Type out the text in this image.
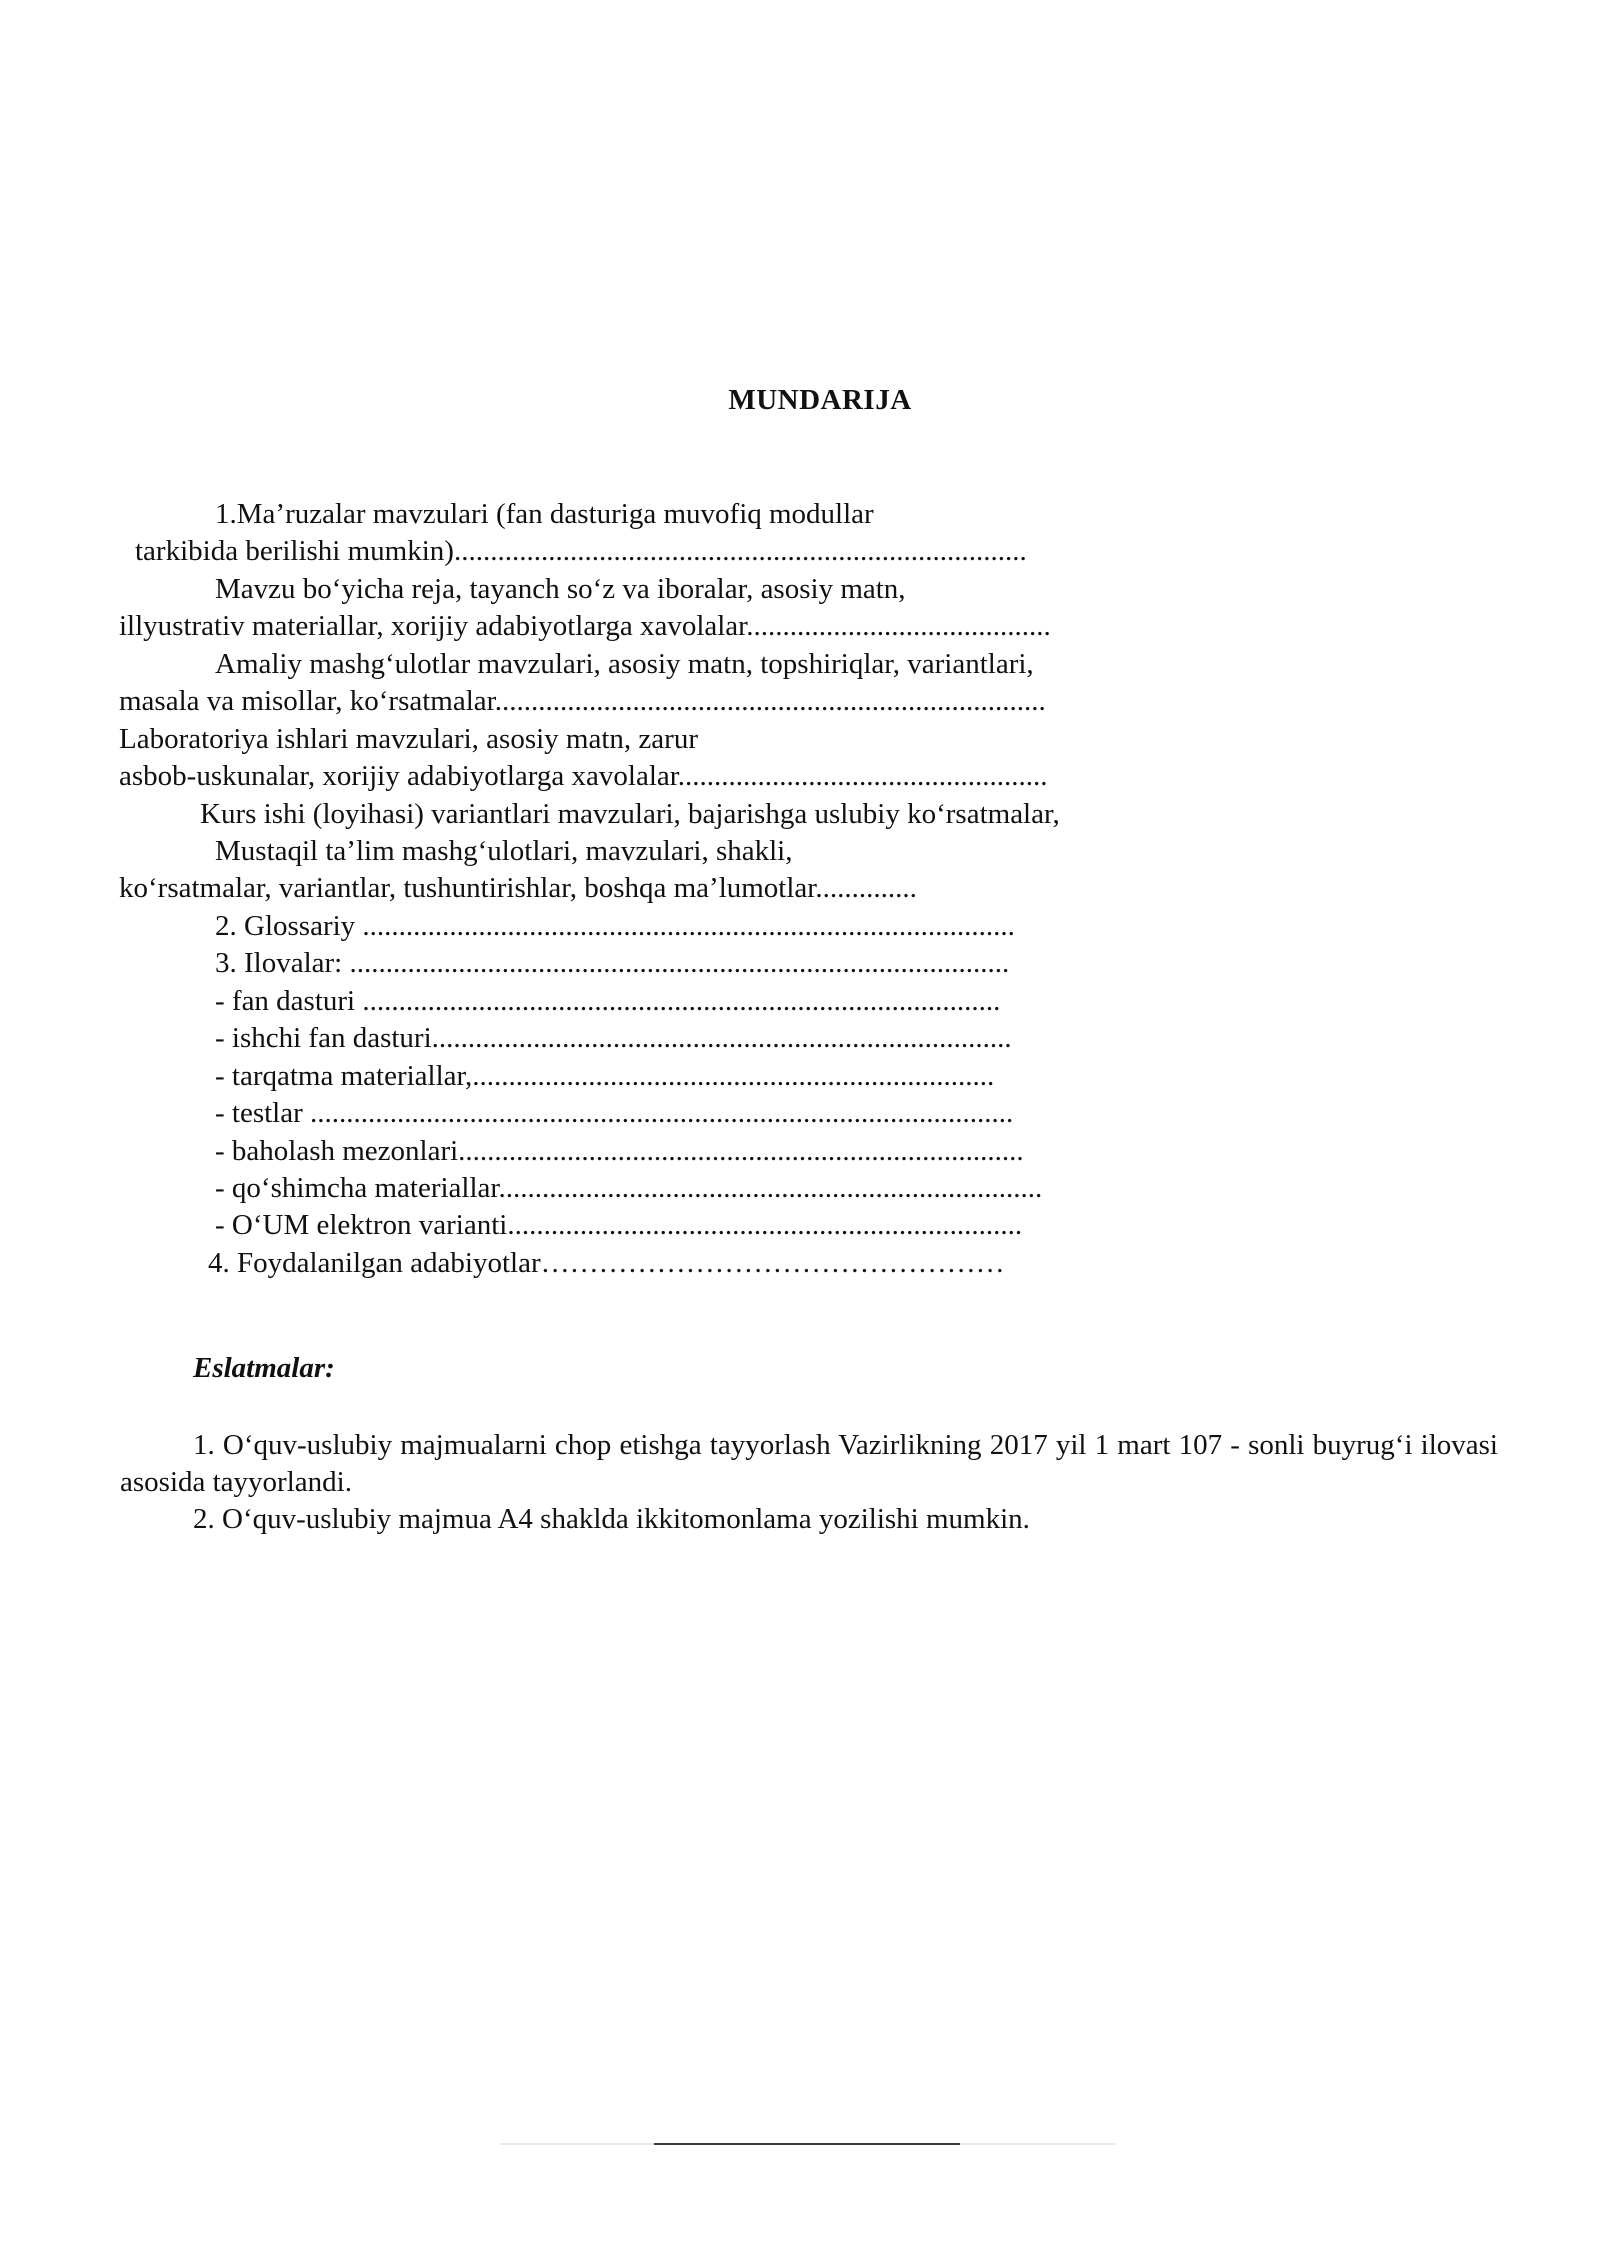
MUNDARIJA
1.Ma’ruzalar mavzulari (fan dasturiga muvofiq modullar
tarkibida berilishi mumkin)...............................................................................
Mavzu bo‘yicha reja, tayanch so‘z va iboralar, asosiy matn,
illyustrativ materiallar, xorijiy adabiyotlarga xavolalar..........................................
Amaliy mashg‘ulotlar mavzulari, asosiy matn, topshiriqlar, variantlari,
masala va misollar, ko‘rsatmalar............................................................................
Laboratoriya ishlari mavzulari, asosiy matn, zarur
asbob-uskunalar, xorijiy adabiyotlarga xavolalar...................................................
Kurs ishi (loyihasi) variantlari mavzulari, bajarishga uslubiy ko‘rsatmalar,
Mustaqil ta’lim mashg‘ulotlari, mavzulari, shakli,
ko‘rsatmalar, variantlar, tushuntirishlar, boshqa ma’lumotlar..............
2. Glossariy ..........................................................................................
3. Ilovalar: ...........................................................................................
- fan dasturi ........................................................................................
- ishchi fan dasturi................................................................................
- tarqatma materiallar,........................................................................
- testlar .................................................................................................
- baholash mezonlari..............................................................................
- qo‘shimcha materiallar...........................................................................
- O‘UM elektron varianti.......................................................................
4. Foydalanilgan adabiyotlar…………………………………………
Eslatmalar:

1. O‘quv-uslubiy majmualarni chop etishga tayyorlash Vazirlikning 2017 yil 1 mart 107 - sonli buyrug‘i ilovasi asosida tayyorlandi.

2. O‘quv-uslubiy majmua A4 shaklda ikkitomonlama yozilishi mumkin.
